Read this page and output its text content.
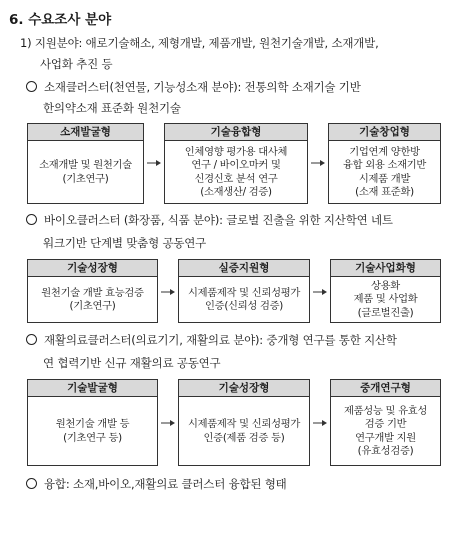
6. 수요조사 분야
1) 지원분야: 애로기술해소, 제형개발, 제품개발, 원천기술개발, 소재개발,
사업화 추진 등
소재클러스터(천연물, 기능성소재 분야): 전통의학 소재기술 기반
한의약소재 표준화 원천기술
소재발굴형
소재개발 및 원천기술
(기초연구)
기술융합형
인체영향 평가용 대사체
연구 / 바이오마커 및
신경신호 분석 연구
(소재생산/ 검증)
기술창업형
기업연계 양한방
융합 외용 소재기반
시제품 개발
(소재 표준화)
바이오클러스터 (화장품, 식품 분야): 글로벌 진출을 위한 지산학연 네트
워크기반 단계별 맞춤형 공동연구
기술성장형
원천기술 개발 효능검증
(기초연구)
실증지원형
시제품제작 및 신뢰성평가
인증(신뢰성 검증)
기술사업화형
상용화
제품 및 사업화
(글로벌진출)
재활의료클러스터(의료기기, 재활의료 분야): 중개형 연구를 통한 지산학
연 협력기반 신규 재활의료 공동연구
기술발굴형
원천기술 개발 등
(기초연구 등)
기술성장형
시제품제작 및 신뢰성평가
인증(제품 검증 등)
중개연구형
제품성능 및 유효성
검증 기반
연구개발 지원
(유효성검증)
융합: 소재,바이오,재활의료 클러스터 융합된 형태
